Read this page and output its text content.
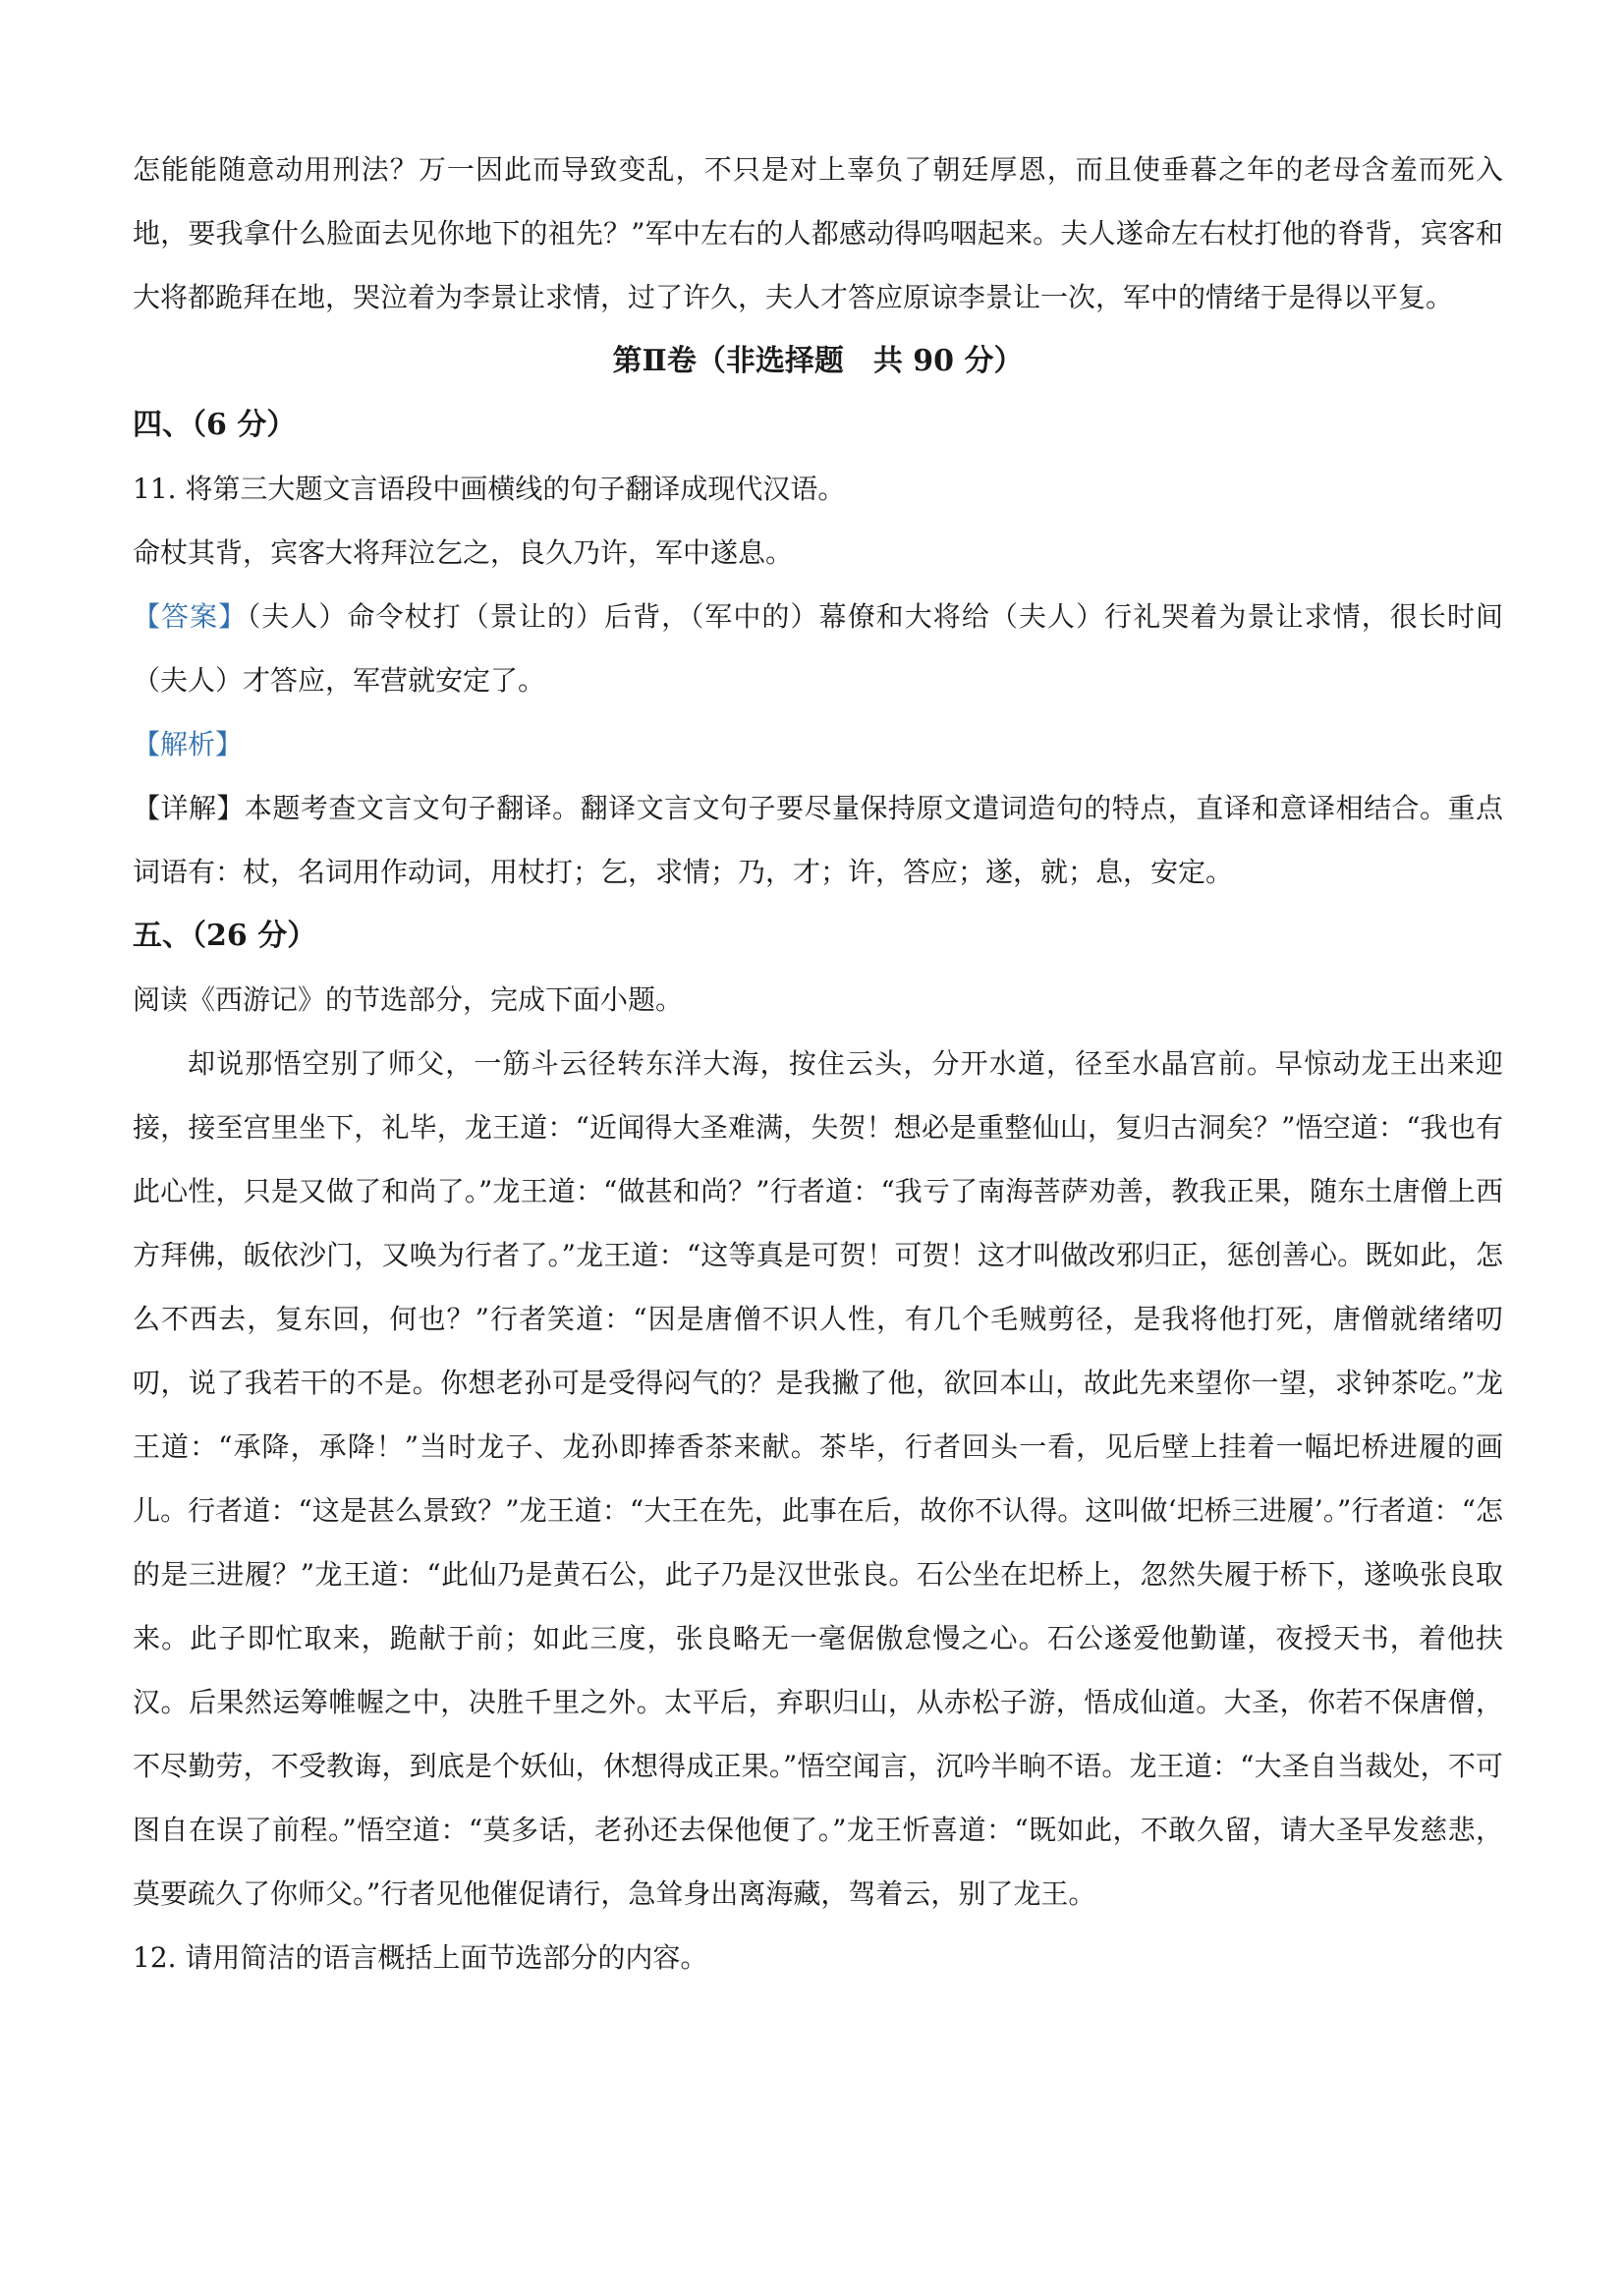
怎能能随意动用刑法？万一因此而导致变乱，不只是对上辜负了朝廷厚恩，而且使垂暮之年的老母含羞而死入地，要我拿什么脸面去见你地下的祖先？”军中左右的人都感动得呜咽起来。夫人遂命左右杖打他的脊背，宾客和大将都跪拜在地，哭泣着为李景让求情，过了许久，夫人才答应原谅李景让一次，军中的情绪于是得以平复。

第Ⅱ卷（非选择题　共 90 分）

四、（6 分）

11. 将第三大题文言语段中画横线的句子翻译成现代汉语。

命杖其背，宾客大将拜泣乞之，良久乃许，军中遂息。

【答案】（夫人）命令杖打（景让的）后背，（军中的）幕僚和大将给（夫人）行礼哭着为景让求情，很长时间（夫人）才答应，军营就安定了。

【解析】

【详解】本题考查文言文句子翻译。翻译文言文句子要尽量保持原文遣词造句的特点，直译和意译相结合。重点词语有：杖，名词用作动词，用杖打；乞，求情；乃，才；许，答应；遂，就；息，安定。

五、（26 分）

阅读《西游记》的节选部分，完成下面小题。

却说那悟空别了师父，一筋斗云径转东洋大海，按住云头，分开水道，径至水晶宫前。早惊动龙王出来迎接，接至宫里坐下，礼毕，龙王道：“近闻得大圣难满，失贺！想必是重整仙山，复归古洞矣？”悟空道：“我也有此心性，只是又做了和尚了。”龙王道：“做甚和尚？”行者道：“我亏了南海菩萨劝善，教我正果，随东土唐僧上西方拜佛，皈依沙门，又唤为行者了。”龙王道：“这等真是可贺！可贺！这才叫做改邪归正，惩创善心。既如此，怎么不西去，复东回，何也？”行者笑道：“因是唐僧不识人性，有几个毛贼剪径，是我将他打死，唐僧就绪绪叨叨，说了我若干的不是。你想老孙可是受得闷气的？是我撇了他，欲回本山，故此先来望你一望，求钟茶吃。”龙王道：“承降，承降！”当时龙子、龙孙即捧香茶来献。茶毕，行者回头一看，见后壁上挂着一幅圯桥进履的画儿。行者道：“这是甚么景致？”龙王道：“大王在先，此事在后，故你不认得。这叫做‘圯桥三进履’。”行者道：“怎的是三进履？”龙王道：“此仙乃是黄石公，此子乃是汉世张良。石公坐在圯桥上，忽然失履于桥下，遂唤张良取来。此子即忙取来，跪献于前；如此三度，张良略无一毫倨傲怠慢之心。石公遂爱他勤谨，夜授天书，着他扶汉。后果然运筹帷幄之中，决胜千里之外。太平后，弃职归山，从赤松子游，悟成仙道。大圣，你若不保唐僧，不尽勤劳，不受教诲，到底是个妖仙，休想得成正果。”悟空闻言，沉吟半晌不语。龙王道：“大圣自当裁处，不可图自在误了前程。”悟空道：“莫多话，老孙还去保他便了。”龙王忻喜道：“既如此，不敢久留，请大圣早发慈悲，莫要疏久了你师父。”行者见他催促请行，急耸身出离海藏，驾着云，别了龙王。

12. 请用简洁的语言概括上面节选部分的内容。
